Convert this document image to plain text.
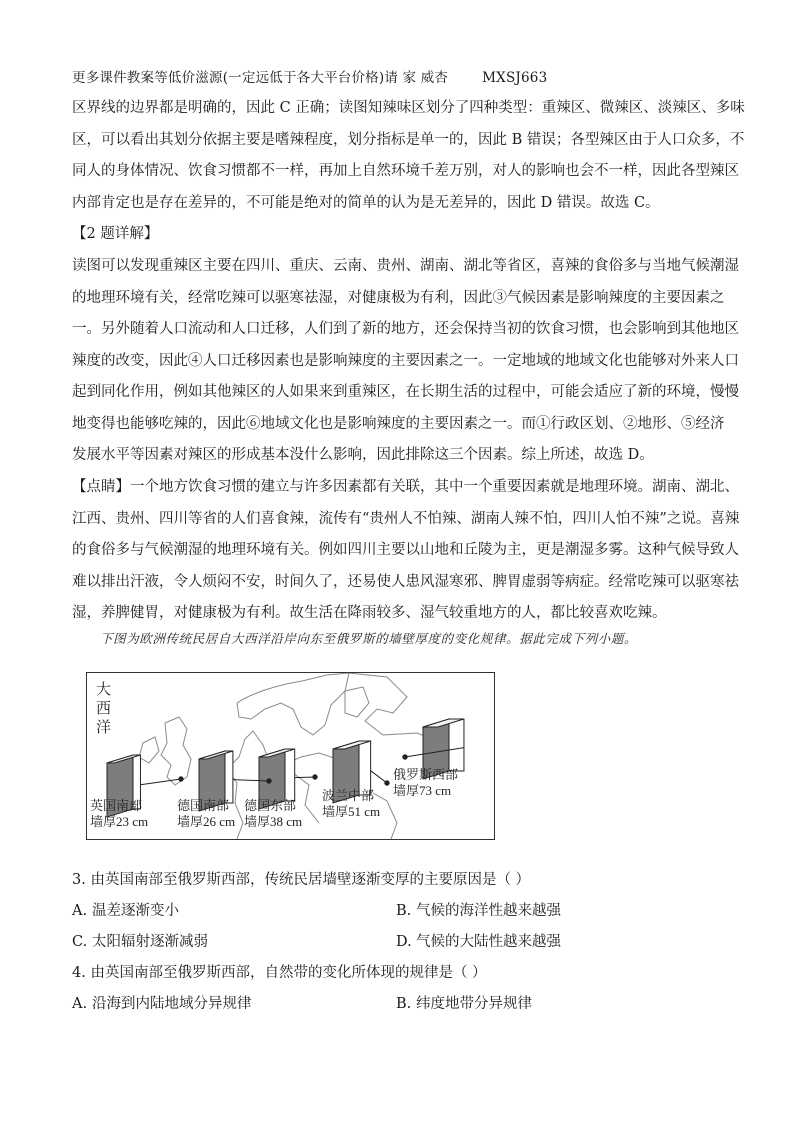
更多课件教案等低价滋源(一定远低于各大平台价格)请 家 威杏	MXSJ663
区界线的边界都是明确的，因此 C 正确；读图知辣味区划分了四种类型：重辣区、微辣区、淡辣区、多味
区，可以看出其划分依据主要是嗜辣程度，划分指标是单一的，因此 B 错误；各型辣区由于人口众多，不
同人的身体情况、饮食习惯都不一样，再加上自然环境千差万别，对人的影响也会不一样，因此各型辣区
内部肯定也是存在差异的，不可能是绝对的简单的认为是无差异的，因此 D 错误。故选 C。
【2 题详解】
读图可以发现重辣区主要在四川、重庆、云南、贵州、湖南、湖北等省区，喜辣的食俗多与当地气候潮湿
的地理环境有关，经常吃辣可以驱寒祛湿，对健康极为有利，因此③气候因素是影响辣度的主要因素之
一。另外随着人口流动和人口迁移，人们到了新的地方，还会保持当初的饮食习惯，也会影响到其他地区
辣度的改变，因此④人口迁移因素也是影响辣度的主要因素之一。一定地域的地域文化也能够对外来人口
起到同化作用，例如其他辣区的人如果来到重辣区，在长期生活的过程中，可能会适应了新的环境，慢慢
地变得也能够吃辣的，因此⑥地域文化也是影响辣度的主要因素之一。而①行政区划、②地形、⑤经济
发展水平等因素对辣区的形成基本没什么影响，因此排除这三个因素。综上所述，故选 D。
【点睛】一个地方饮食习惯的建立与许多因素都有关联，其中一个重要因素就是地理环境。湖南、湖北、
江西、贵州、四川等省的人们喜食辣，流传有“贵州人不怕辣、湖南人辣不怕，四川人怕不辣”之说。喜辣
的食俗多与气候潮湿的地理环境有关。例如四川主要以山地和丘陵为主，更是潮湿多雾。这种气候导致人
难以排出汗液，令人烦闷不安，时间久了，还易使人患风湿寒邪、脾胃虚弱等病症。经常吃辣可以驱寒祛
湿，养脾健胃，对健康极为有利。故生活在降雨较多、湿气较重地方的人，都比较喜欢吃辣。
下图为欧洲传统民居自大西洋沿岸向东至俄罗斯的墙壁厚度的变化规律。据此完成下列小题。
大
西
洋
英国南部
墙厚23 cm
德国南部
墙厚26 cm
德国东部
墙厚38 cm
波兰中部
墙厚51 cm
俄罗斯西部
墙厚73 cm
3. 由英国南部至俄罗斯西部，传统民居墙壁逐渐变厚的主要原因是（ ）
A. 温差逐渐变小	B. 气候的海洋性越来越强
C. 太阳辐射逐渐减弱	D. 气候的大陆性越来越强
4. 由英国南部至俄罗斯西部，自然带的变化所体现的规律是（ ）
A. 沿海到内陆地域分异规律	B. 纬度地带分异规律
